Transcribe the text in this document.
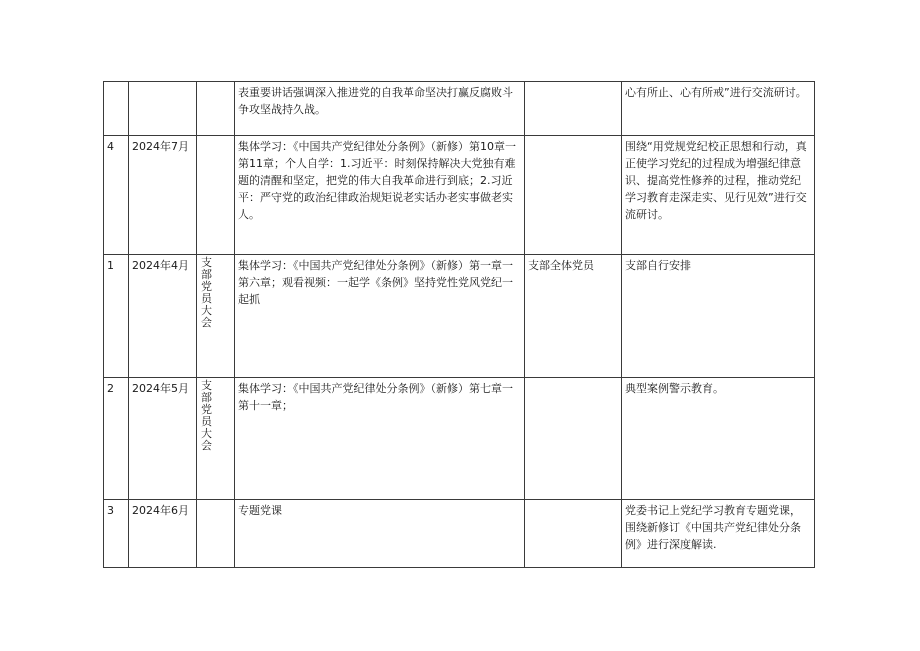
			表重要讲话强调深入推进党的自我革命坚决打赢反腐败斗争攻坚战持久战。		心有所止、心有所戒”进行交流研讨。
4	2024年7月		集体学习：《中国共产党纪律处分条例》（新修）第10章一第11章；个人自学：1.习近平：时刻保持解决大党独有难题的清醒和坚定，把党的伟大自我革命进行到底；2.习近平：严守党的政治纪律政治规矩说老实话办老实事做老实人。		围绕“用党规党纪校正思想和行动，真正使学习党纪的过程成为增强纪律意识、提高党性修养的过程，推动党纪学习教育走深走实、见行见效”进行交流研讨。
1	2024年4月	支部党员大会	集体学习：《中国共产党纪律处分条例》（新修）第一章一第六章；观看视频：一起学《条例》坚持党性党风党纪一起抓	支部全体党员	支部自行安排
2	2024年5月	支部党员大会	集体学习：《中国共产党纪律处分条例》（新修）第七章一第十一章；		典型案例警示教育。
3	2024年6月		专题党课		党委书记上党纪学习教育专题党课，围绕新修订《中国共产党纪律处分条例》进行深度解读.
